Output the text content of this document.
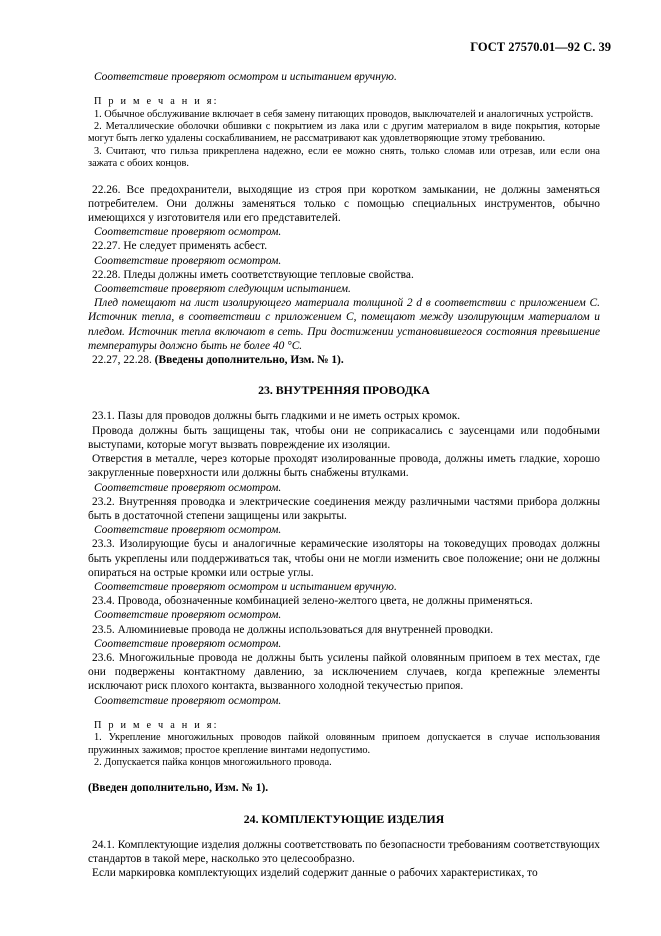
ГОСТ 27570.01—92 С. 39

Соответствие проверяют осмотром и испытанием вручную.

П р и м е ч а н и я:

1. Обычное обслуживание включает в себя замену питающих проводов, выключателей и аналогичных устройств.

2. Металлические оболочки обшивки с покрытием из лака или с другим материалом в виде покрытия, которые могут быть легко удалены соскабливанием, не рассматривают как удовлетворяющие этому требованию.

3. Считают, что гильза прикреплена надежно, если ее можно снять, только сломав или отрезав, или если она зажата с обоих концов.

22.26. Все предохранители, выходящие из строя при коротком замыкании, не должны заменяться потребителем. Они должны заменяться только с помощью специальных инструментов, обычно имеющихся у изготовителя или его представителей.

Соответствие проверяют осмотром.

22.27. Не следует применять асбест.

Соответствие проверяют осмотром.

22.28. Пледы должны иметь соответствующие тепловые свойства.

Соответствие проверяют следующим испытанием.

Плед помещают на лист изолирующего материала толщиной 2 d в соответствии с приложением С. Источник тепла, в соответствии с приложением С, помещают между изолирующим материалом и пледом. Источник тепла включают в сеть. При достижении установившегося состояния превышение температуры должно быть не более 40 °С.

22.27, 22.28. (Введены дополнительно, Изм. № 1).

23. ВНУТРЕННЯЯ ПРОВОДКА

23.1. Пазы для проводов должны быть гладкими и не иметь острых кромок.

Провода должны быть защищены так, чтобы они не соприкасались с заусенцами или подобными выступами, которые могут вызвать повреждение их изоляции.

Отверстия в металле, через которые проходят изолированные провода, должны иметь гладкие, хорошо закругленные поверхности или должны быть снабжены втулками.

Соответствие проверяют осмотром.

23.2. Внутренняя проводка и электрические соединения между различными частями прибора должны быть в достаточной степени защищены или закрыты.

Соответствие проверяют осмотром.

23.3. Изолирующие бусы и аналогичные керамические изоляторы на токоведущих проводах должны быть укреплены или поддерживаться так, чтобы они не могли изменить свое положение; они не должны опираться на острые кромки или острые углы.

Соответствие проверяют осмотром и испытанием вручную.

23.4. Провода, обозначенные комбинацией зелено-желтого цвета, не должны применяться.

Соответствие проверяют осмотром.

23.5. Алюминиевые провода не должны использоваться для внутренней проводки.

Соответствие проверяют осмотром.

23.6. Многожильные провода не должны быть усилены пайкой оловянным припоем в тех местах, где они подвержены контактному давлению, за исключением случаев, когда крепежные элементы исключают риск плохого контакта, вызванного холодной текучестью припоя.

Соответствие проверяют осмотром.

П р и м е ч а н и я:

1. Укрепление многожильных проводов пайкой оловянным припоем допускается в случае использования пружинных зажимов; простое крепление винтами недопустимо.

2. Допускается пайка концов многожильного провода.

(Введен дополнительно, Изм. № 1).

24. КОМПЛЕКТУЮЩИЕ ИЗДЕЛИЯ

24.1. Комплектующие изделия должны соответствовать по безопасности требованиям соответствующих стандартов в такой мере, насколько это целесообразно.

Если маркировка комплектующих изделий содержит данные о рабочих характеристиках, то
